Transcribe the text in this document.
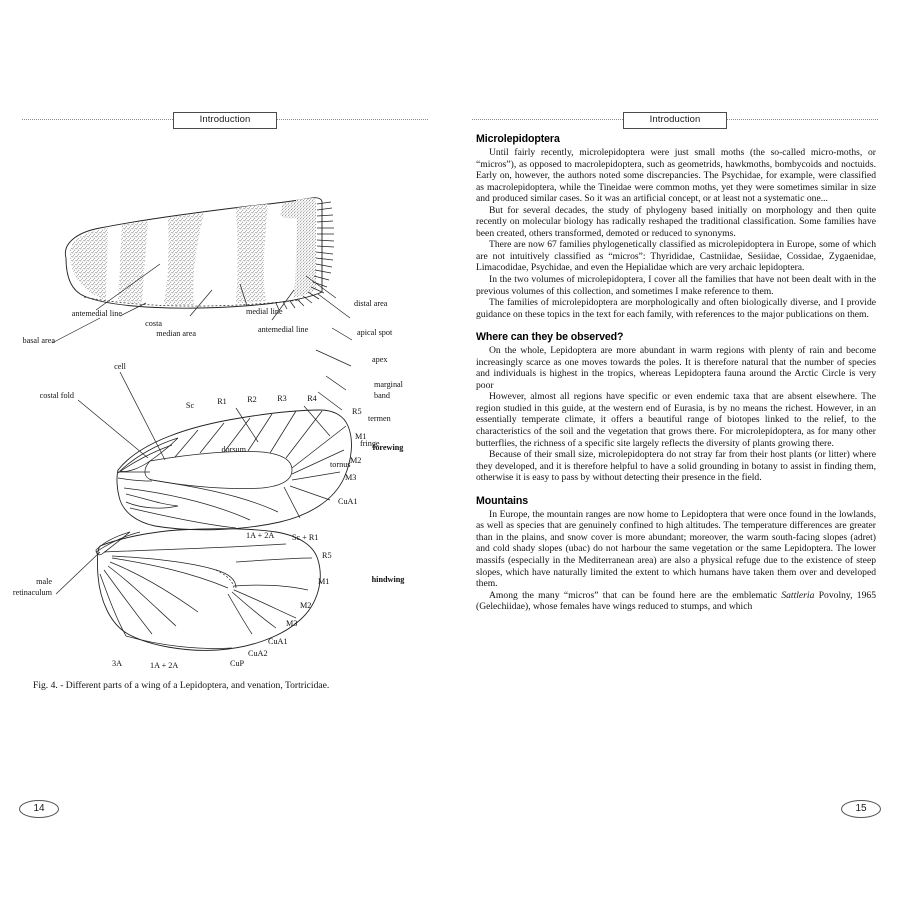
Introduction
basal area
antemedial line
costa
median area
medial line
antemedial line
distal area
apical spot
apex
marginal
band
termen
fringe
tornus
dorsum
Sc	R1 R2 R3 R4
R5
M1
M2
M3
CuA1
1A + 2A
cell
costal fold
forewing
Sc + R1
R5
M1
M2
M3
CuA1
CuA2
CuP
1A + 2A
3A
male
retinaculum
hindwing
Fig. 4. - Different parts of a wing of a Lepidoptera, and venation, Tortricidae.
14
Introduction
Microlepidoptera

Until fairly recently, microlepidoptera were just small moths (the so-called micro-moths, or “micros”), as opposed to macrolepidoptera, such as geometrids, hawkmoths, bombycoids and noctuids. Early on, however, the authors noted some discrepancies. The Psychidae, for example, were classified as macrolepidoptera, while the Tineidae were common moths, yet they were sometimes similar in size and produced similar cases. So it was an artificial concept, or at least not a systematic one...

But for several decades, the study of phylogeny based initially on morphology and then quite recently on molecular biology has radically reshaped the traditional classification. Some families have been created, others transformed, demoted or reduced to synonyms.

There are now 67 families phylogenetically classified as microlepidoptera in Europe, some of which are not intuitively classified as “micros”: Thyrididae, Castniidae, Sesiidae, Cossidae, Zygaenidae, Limacodidae, Psychidae, and even the Hepialidae which are very archaic lepidoptera.

In the two volumes of microlepidoptera, I cover all the families that have not been dealt with in the previous volumes of this collection, and sometimes I make reference to them.

The families of microlepidoptera are morphologically and often biologically diverse, and I provide guidance on these topics in the text for each family, with references to the major publications on them.

Where can they be observed?

On the whole, Lepidoptera are more abundant in warm regions with plenty of rain and become increasingly scarce as one moves towards the poles. It is therefore natural that the number of species and individuals is highest in the tropics, whereas Lepidoptera fauna around the Arctic Circle is very poor

However, almost all regions have specific or even endemic taxa that are absent elsewhere. The region studied in this guide, at the western end of Eurasia, is by no means the richest. However, in an essentially temperate climate, it offers a beautiful range of biotopes linked to the relief, to the characteristics of the soil and the vegetation that grows there. For microlepidoptera, as for many other butterflies, the richness of a specific site largely reflects the diversity of plants growing there.

Because of their small size, microlepidoptera do not stray far from their host plants (or litter) where they developed, and it is therefore helpful to have a solid grounding in botany to assist in finding them, otherwise it is easy to pass by without detecting their presence in the field.

Mountains

In Europe, the mountain ranges are now home to Lepidoptera that were once found in the lowlands, as well as species that are genuinely confined to high altitudes. The temperature differences are greater than in the plains, and snow cover is more abundant; moreover, the warm south-facing slopes (adret) and cold shady slopes (ubac) do not harbour the same vegetation or the same Lepidoptera. The lower massifs (especially in the Mediterranean area) are also a physical refuge due to the existence of steep slopes, which have naturally limited the extent to which humans have taken them over and developed them.

Among the many “micros” that can be found here are the emblematic Sattleria Povolny, 1965 (Gelechiidae), whose females have wings reduced to stumps, and which

15
